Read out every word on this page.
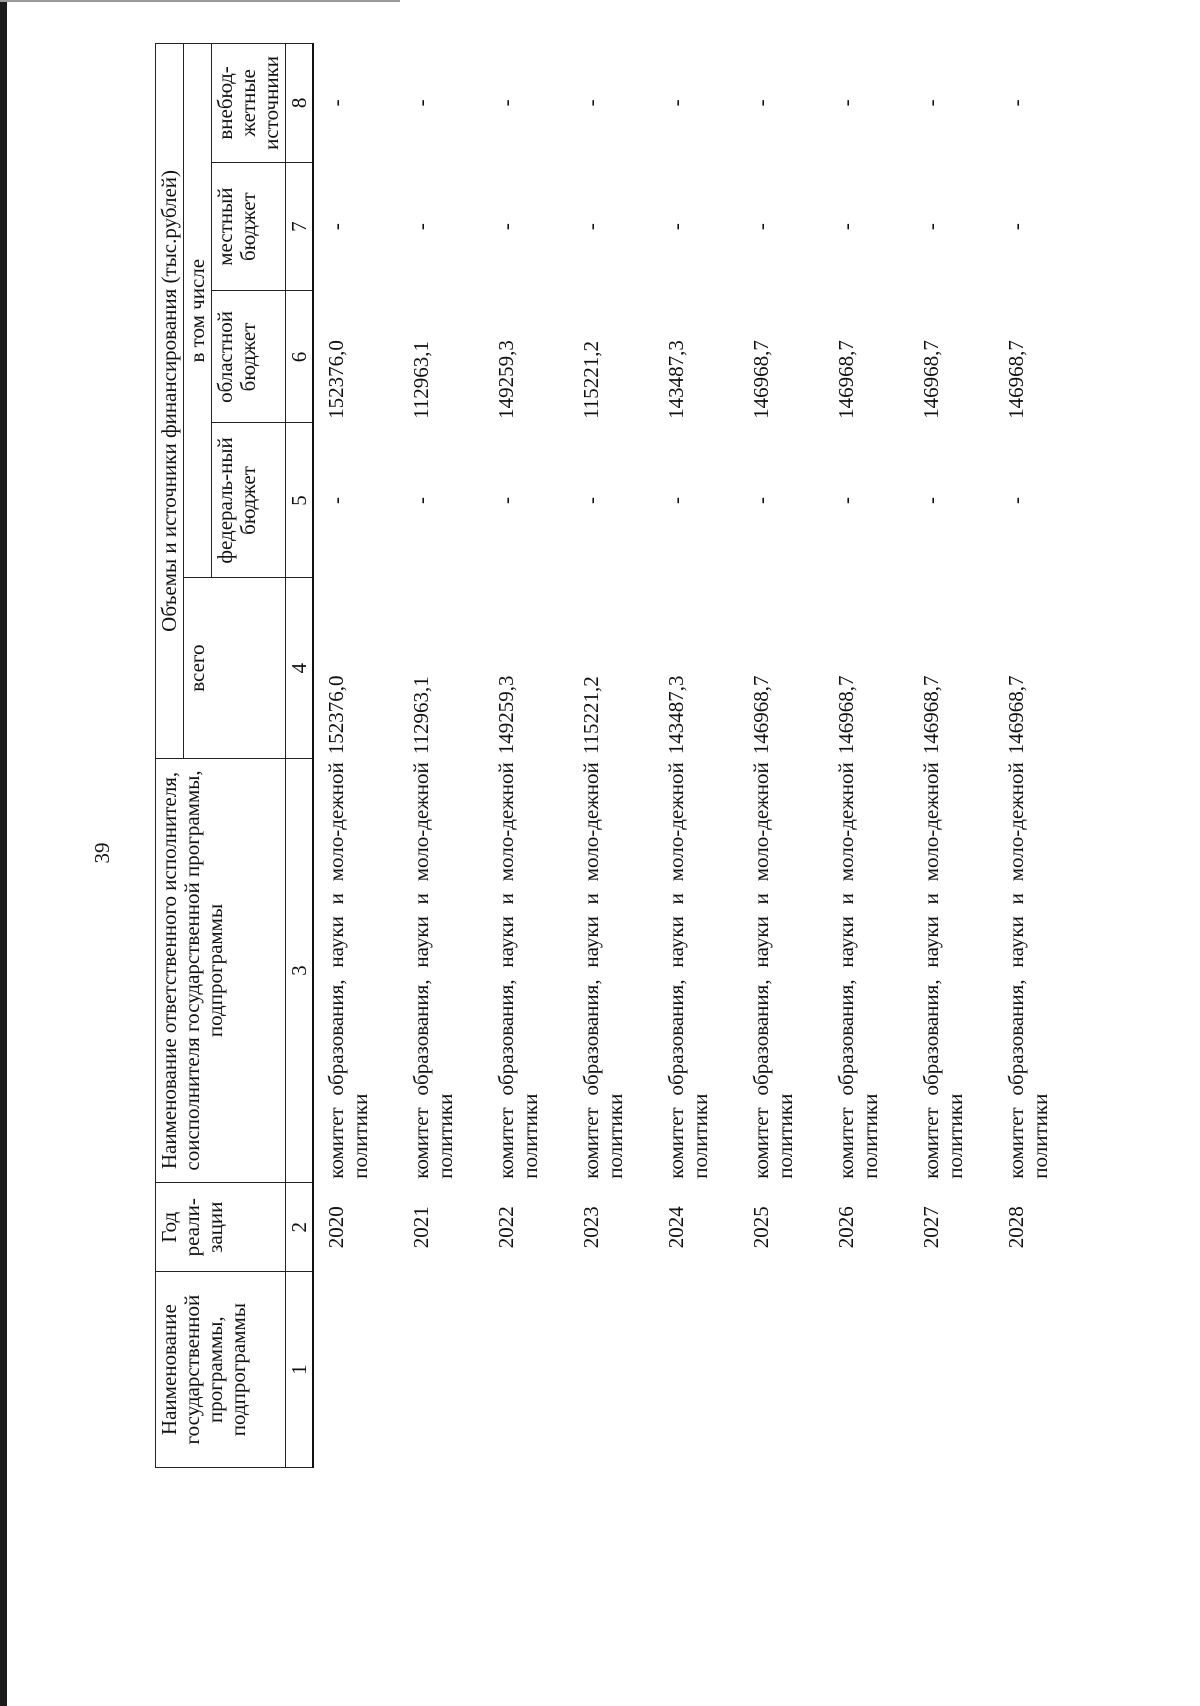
39
Наименование государственной программы, подпрограммы	Год реали-зации	Наименование ответственного исполнителя, соисполнителя государственной программы, подпрограммы	Объемы и источники финансирования (тыс.рублей)				
			всего	в том числе			
				федераль-ный бюджет	областной бюджет	местный бюджет	внебюд-жетные источники
1	2	3	4	5	6	7	8
	2020	комитет образования, науки и моло-дежной политики	152376,0	-	152376,0	-	-
	2021	комитет образования, науки и моло-дежной политики	112963,1	-	112963,1	-	-
	2022	комитет образования, науки и моло-дежной политики	149259,3	-	149259,3	-	-
	2023	комитет образования, науки и моло-дежной политики	115221,2	-	115221,2	-	-
	2024	комитет образования, науки и моло-дежной политики	143487,3	-	143487,3	-	-
	2025	комитет образования, науки и моло-дежной политики	146968,7	-	146968,7	-	-
	2026	комитет образования, науки и моло-дежной политики	146968,7	-	146968,7	-	-
	2027	комитет образования, науки и моло-дежной политики	146968,7	-	146968,7	-	-
	2028	комитет образования, науки и моло-дежной политики	146968,7	-	146968,7	-	-
